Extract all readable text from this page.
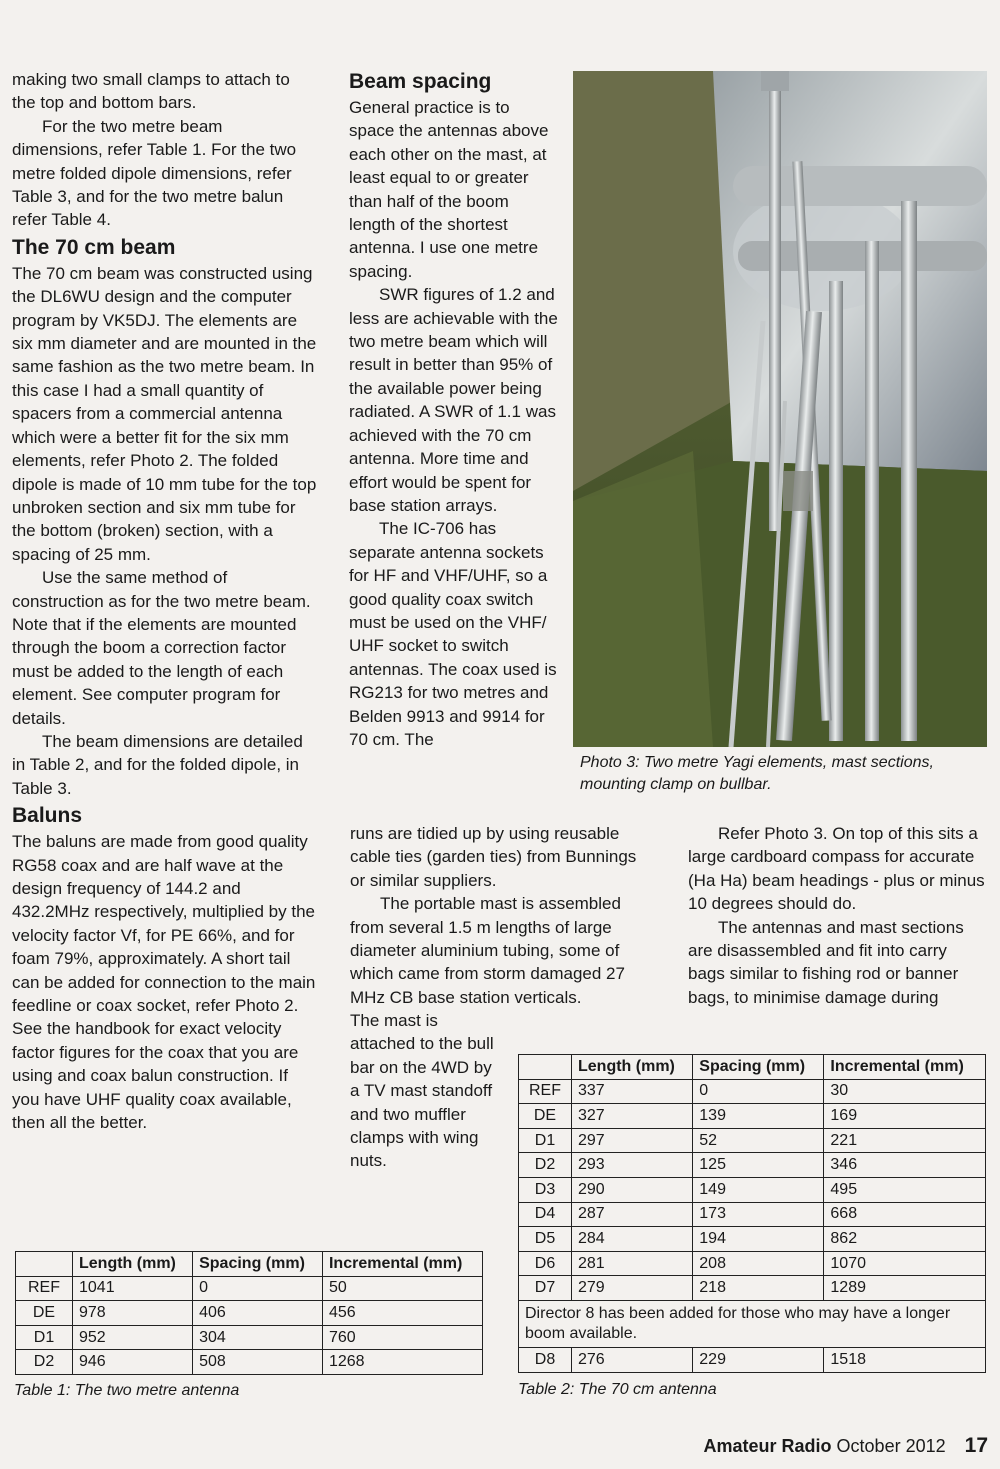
making two small clamps to attach to the top and bottom bars.

For the two metre beam dimensions, refer Table 1. For the two metre folded dipole dimensions, refer Table 3, and for the two metre balun refer Table 4.

The 70 cm beam

The 70 cm beam was constructed using the DL6WU design and the computer program by VK5DJ. The elements are six mm diameter and are mounted in the same fashion as the two metre beam. In this case I had a small quantity of spacers from a commercial antenna which were a better fit for the six mm elements, refer Photo 2. The folded dipole is made of 10 mm tube for the top unbroken section and six mm tube for the bottom (broken) section, with a spacing of 25 mm.

Use the same method of construction as for the two metre beam. Note that if the elements are mounted through the boom a correction factor must be added to the length of each element. See computer program for details.

The beam dimensions are detailed in Table 2, and for the folded dipole, in Table 3.

Baluns

The baluns are made from good quality RG58 coax and are half wave at the design frequency of 144.2 and 432.2MHz respectively, multiplied by the velocity factor Vf, for PE 66%, and for foam 79%, approximately. A short tail can be added for connection to the main feedline or coax socket, refer Photo 2. See the handbook for exact velocity factor figures for the coax that you are using and coax balun construction. If you have UHF quality coax available, then all the better.

Beam spacing

General practice is to space the antennas above each other on the mast, at least equal to or greater than half of the boom length of the shortest antenna. I use one metre spacing.

SWR figures of 1.2 and less are achievable with the two metre beam which will result in better than 95% of the available power being radiated. A SWR of 1.1 was achieved with the 70 cm antenna. More time and effort would be spent for base station arrays.

The IC-706 has separate antenna sockets for HF and VHF/UHF, so a good quality coax switch must be used on the VHF/ UHF socket to switch antennas. The coax used is RG213 for two metres and Belden 9913 and 9914 for 70 cm. The

runs are tidied up by using reusable cable ties (garden ties) from Bunnings or similar suppliers.

The portable mast is assembled from several 1.5 m lengths of large diameter aluminium tubing, some of which came from storm damaged 27 MHz CB base station verticals.

The mast is attached to the bull bar on the 4WD by a TV mast standoff and two muffler clamps with wing nuts.

Refer Photo 3. On top of this sits a large cardboard compass for accurate (Ha Ha) beam headings - plus or minus 10 degrees should do.

The antennas and mast sections are disassembled and fit into carry bags similar to fishing rod or banner bags, to minimise damage during

Photo 3: Two metre Yagi elements, mast sections, mounting clamp on bullbar.

	Length (mm)	Spacing (mm)	Incremental (mm)
REF	1041	0	50
DE	978	406	456
D1	952	304	760
D2	946	508	1268

Table 1: The two metre antenna

	Length (mm)	Spacing (mm)	Incremental (mm)
REF	337	0	30
DE	327	139	169
D1	297	52	221
D2	293	125	346
D3	290	149	495
D4	287	173	668
D5	284	194	862
D6	281	208	1070
D7	279	218	1289
Director 8 has been added for those who may have a longer boom available.			
D8	276	229	1518

Table 2: The 70 cm antenna

Amateur Radio October 2012 17
